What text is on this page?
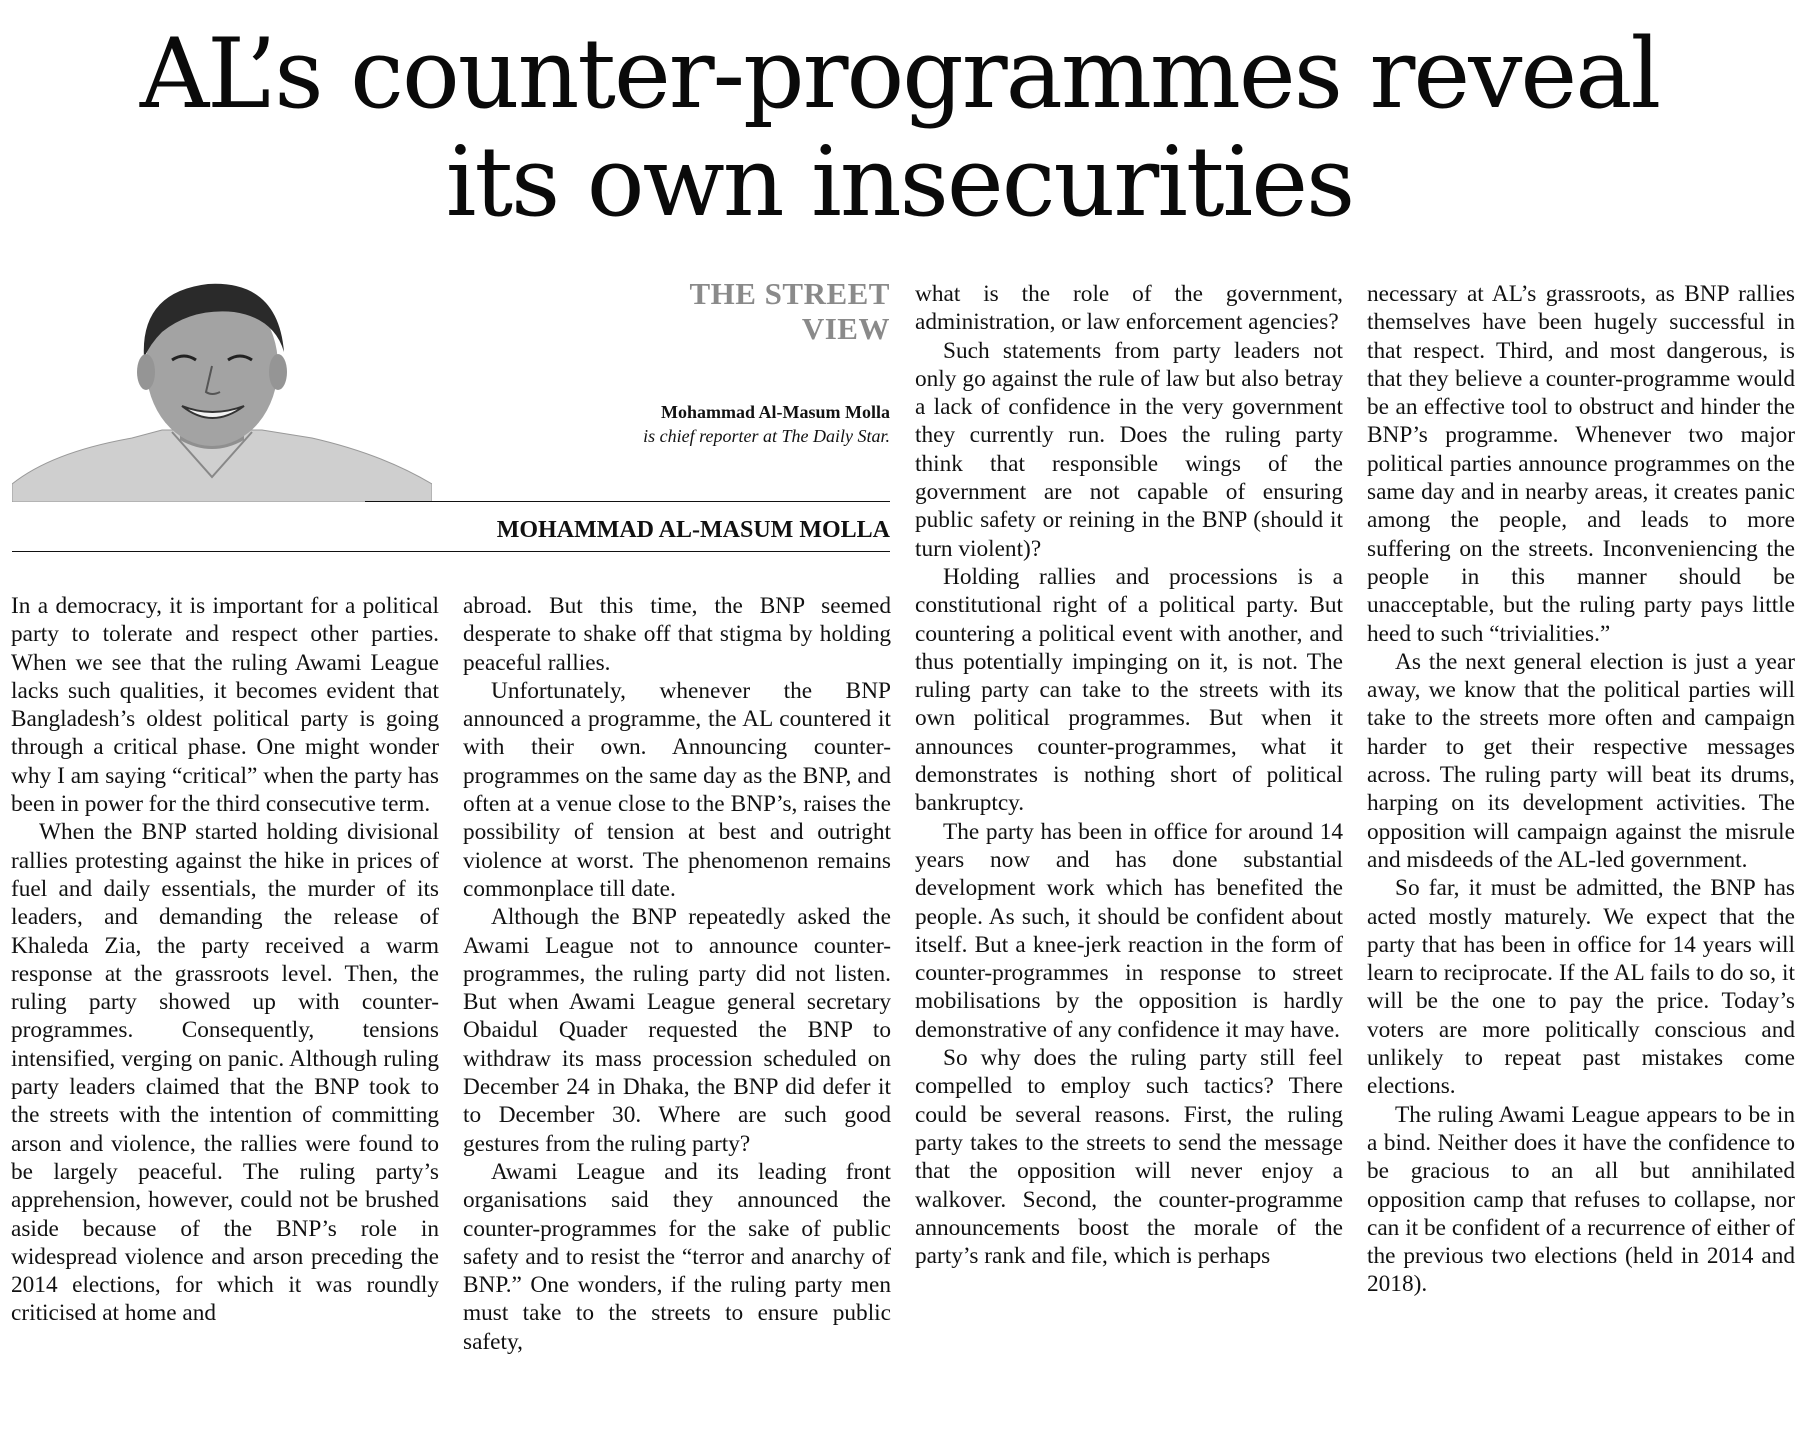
AL’s counter-programmes reveal
its own insecurities
THE STREET
VIEW
Mohammad Al-Masum Molla
is chief reporter at The Daily Star.
MOHAMMAD AL-MASUM MOLLA

In a democracy, it is important for a political party to tolerate and respect other parties. When we see that the ruling Awami League lacks such qualities, it becomes evident that Bangladesh’s oldest political party is going through a critical phase. One might wonder why I am saying “critical” when the party has been in power for the third consecutive term.

When the BNP started holding divisional rallies protesting against the hike in prices of fuel and daily essentials, the murder of its leaders, and demanding the release of Khaleda Zia, the party received a warm response at the grassroots level. Then, the ruling party showed up with counter-programmes. Consequently, tensions intensified, verging on panic. Although ruling party leaders claimed that the BNP took to the streets with the intention of committing arson and violence, the rallies were found to be largely peaceful. The ruling party’s apprehension, however, could not be brushed aside because of the BNP’s role in widespread violence and arson preceding the 2014 elections, for which it was roundly criticised at home and

abroad. But this time, the BNP seemed desperate to shake off that stigma by holding peaceful rallies.

Unfortunately, whenever the BNP announced a programme, the AL countered it with their own. Announcing counter-programmes on the same day as the BNP, and often at a venue close to the BNP’s, raises the possibility of tension at best and outright violence at worst. The phenomenon remains commonplace till date.

Although the BNP repeatedly asked the Awami League not to announce counter-programmes, the ruling party did not listen. But when Awami League general secretary Obaidul Quader requested the BNP to withdraw its mass procession scheduled on December 24 in Dhaka, the BNP did defer it to December 30. Where are such good gestures from the ruling party?

Awami League and its leading front organisations said they announced the counter-programmes for the sake of public safety and to resist the “terror and anarchy of BNP.” One wonders, if the ruling party men must take to the streets to ensure public safety,

what is the role of the government, administration, or law enforcement agencies?

Such statements from party leaders not only go against the rule of law but also betray a lack of confidence in the very government they currently run. Does the ruling party think that responsible wings of the government are not capable of ensuring public safety or reining in the BNP (should it turn violent)?

Holding rallies and processions is a constitutional right of a political party. But countering a political event with another, and thus potentially impinging on it, is not. The ruling party can take to the streets with its own political programmes. But when it announces counter-programmes, what it demonstrates is nothing short of political bankruptcy.

The party has been in office for around 14 years now and has done substantial development work which has benefited the people. As such, it should be confident about itself. But a knee-jerk reaction in the form of counter-programmes in response to street mobilisations by the opposition is hardly demonstrative of any confidence it may have.

So why does the ruling party still feel compelled to employ such tactics? There could be several reasons. First, the ruling party takes to the streets to send the message that the opposition will never enjoy a walkover. Second, the counter-programme announcements boost the morale of the party’s rank and file, which is perhaps

necessary at AL’s grassroots, as BNP rallies themselves have been hugely successful in that respect. Third, and most dangerous, is that they believe a counter-programme would be an effective tool to obstruct and hinder the BNP’s programme. Whenever two major political parties announce programmes on the same day and in nearby areas, it creates panic among the people, and leads to more suffering on the streets. Inconveniencing the people in this manner should be unacceptable, but the ruling party pays little heed to such “trivialities.”

As the next general election is just a year away, we know that the political parties will take to the streets more often and campaign harder to get their respective messages across. The ruling party will beat its drums, harping on its development activities. The opposition will campaign against the misrule and misdeeds of the AL-led government.

So far, it must be admitted, the BNP has acted mostly maturely. We expect that the party that has been in office for 14 years will learn to reciprocate. If the AL fails to do so, it will be the one to pay the price. Today’s voters are more politically conscious and unlikely to repeat past mistakes come elections.

The ruling Awami League appears to be in a bind. Neither does it have the confidence to be gracious to an all but annihilated opposition camp that refuses to collapse, nor can it be confident of a recurrence of either of the previous two elections (held in 2014 and 2018).
